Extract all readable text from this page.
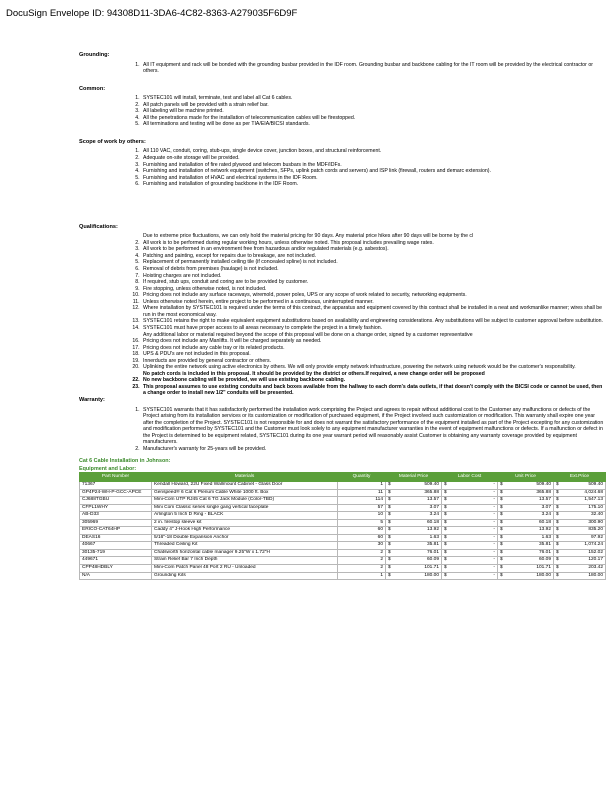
DocuSign Envelope ID: 94308D11-3DA6-4C82-8363-A279035F6D9F
Grounding:
1. All IT equipment and rack will be bonded with the grounding busbar provided in the IDF room. Grounding busbar and backbone cabling for the IT room will be provided by the electrical contractor or others.
Common:
1. SYSTEC101 will install, terminate, test and label all Cat 6 cables.
2. All patch panels will be provided with a strain relief bar.
3. All labeling will be machine printed.
4. All the penetrations made for the installation of telecommunication cables will be firestopped.
5. All terminations and testing will be done as per TIA/EIA/BICSI standards.
Scope of work by others:
1. All 110 VAC, conduit, coring, stub-ups, single device cover, junction boxes, and structural reinforcement.
2. Adequate on-site storage will be provided.
3. Furnishing and installation of fire rated plywood and telecom busbars in the MDF/IDFs.
4. Furnishing and installation of network equipment (switches, SFPs, uplink patch cords and servers) and ISP link (firewall, routers and demarc extension).
5. Furnishing and installation of HVAC and electrical systems in the IDF Room.
6. Furnishing and installation of grounding backbone in the IDF Room.
Qualifications:
1. Due to extreme price fluctuations, we can only hold the material pricing for 90 days. Any material price hikes after 90 days will be borne by the cl
2. All work is to be performed during regular working hours, unless otherwise noted. This proposal includes prevailing wage rates.
3. All work to be performed in an environment free from hazardous and/or regulated materials (e.g. asbestos).
4. Patching and painting, except for repairs due to breakage, are not included.
5. Replacement of permanently installed ceiling tile (if concealed spline) is not included.
6. Removal of debris from premises (haulage) is not included.
7. Hoisting charges are not included.
8. If required, stub ups, conduit and coring are to be provided by customer.
9. Fire stopping, unless otherwise noted, is not included.
10. Pricing does not include any surface raceways, wiremold, power poles, UPS or any scope of work related to security, networking equipments.
11. Unless otherwise noted herein, entire project to be performed in a continuous, uninterrupted manner.
12. Where installation by SYSTEC101 is required under the terms of this contract, the apparatus and equipment covered by this contract shall be installed in a neat and workmanlike manner; wires shall be run in the most economical way.
13. SYSTEC101 retains the right to make equivalent equipment substitutions based on availability and engineering considerations. Any substitutions will be subject to customer approval before substitution.
14. SYSTEC101 must have proper access to all areas necessary to complete the project in a timely fashion.
15. Any additional labor or material required beyond the scope of this proposal will be done on a change order, signed by a customer representative
16. Pricing does not include any Manlifts. It will be charged separately as needed.
17. Pricing does not include any cable tray or its related products.
18. UPS & PDU's are not included in this proposal.
19. Innerducts are provided by general contractor or others.
20. Uplinking the entire network using active electronics by others. We will only provide empty network infrastructure, powering the network using network would be the customer's responsibility.
21. No patch cords is included in this proposal. It should be provided by the district or others.If required, a new change order will be proposed
22. No new backbone cabling will be provided, we will use existing backbone cabling.
23. This proposal assumes to use existing conduits and back boxes available from the hallway to each dorm's data outlets, if that doesn't comply with the BICSI code or cannot be used, then a change order to install new 1/2" conduits will be presented.
Warranty:
1. SYSTEC101 warrants that it has satisfactorily performed the installation work comprising the Project and agrees to repair without additional cost to the Customer any malfunctions or defects of the Project arising from its installation services or its customization or modification of purchased equipment, if the Project involved such customization or modification. This warranty shall expire one year after the completion of the Project. SYSTEC101 is not responsible for and does not warrant the satisfactory performance of the equipment installed as part of the Project excepting for any customization and modification performed by SYSTEC101 and the Customer must look solely to any equipment manufacturer warranties in the event of equipment malfunctions or defects. If a malfunction or defect in the Project is determined to be equipment related, SYSTEC101 during its one year warrant period will reasonably assist Customer is obtaining any warranty coverage provided by equipment manufacturers.
2. Manufacturer's warranty for 25-years will be provided.
Cat 6 Cable Installation in Johnson:
Equipment and Labor:
Part Number	Materials	Quantity	Material Price	Labor Cost	Unit Price	Ext.Price
71367	Kendall Howard, 22U Fixed Wallmount Cabinet - Glass Door	1	$ 509.40	$ -	$ 509.40	$ 509.40

GP4P24-WH-P-GCC-APCE	Genspeed® 6 Cat 6 Plenum Cable White 1000 ft. Box	11	$ 365.88	$ -	$ 365.88	$ 4,024.68

CJ688TGBU	Mini-Com UTP RJ45 Cat 6 TG Jack Module (Color-TBD)	114	$ 13.57	$ -	$ 13.57	$ 1,547.13

CFPL1WHY	Mini Com Classic series single gang vertical faceplate	57	$ 3.07	$ -	$ 3.07	$ 175.10

AB-D33	Arlington 5 Inch D Ring - BLACK	10	$ 3.24	$ -	$ 3.24	$ 32.40

305969	2 in. firestop sleeve kit	5	$ 60.18	$ -	$ 60.18	$ 300.90

ERICO-CAT64HP	Caddy 4" J-Hook High Performance	60	$ 13.92	$ -	$ 13.92	$ 835.20

DEAS16	5/16"-18 Double Expansion Anchor	60	$ 1.63	$ -	$ 1.63	$ 97.92

40667	Threaded Ceiling Kit	30	$ 35.81	$ -	$ 35.81	$ 1,074.24

30135-719	Chatsworth horizontal cable manager 9.25"W x 1.72"H	2	$ 76.01	$ -	$ 76.01	$ 152.02

449671	Strain Relief Bar 7 Inch Depth	2	$ 60.09	$ -	$ 60.09	$ 120.17

CPP48HDBLY	Mini-Com Patch Panel 48 Port 2 RU - Unloaded	2	$ 101.71	$ -	$ 101.71	$ 203.42

N/A	Grounding Kits	1	$ 180.00	$ -	$ 180.00	$ 180.00
